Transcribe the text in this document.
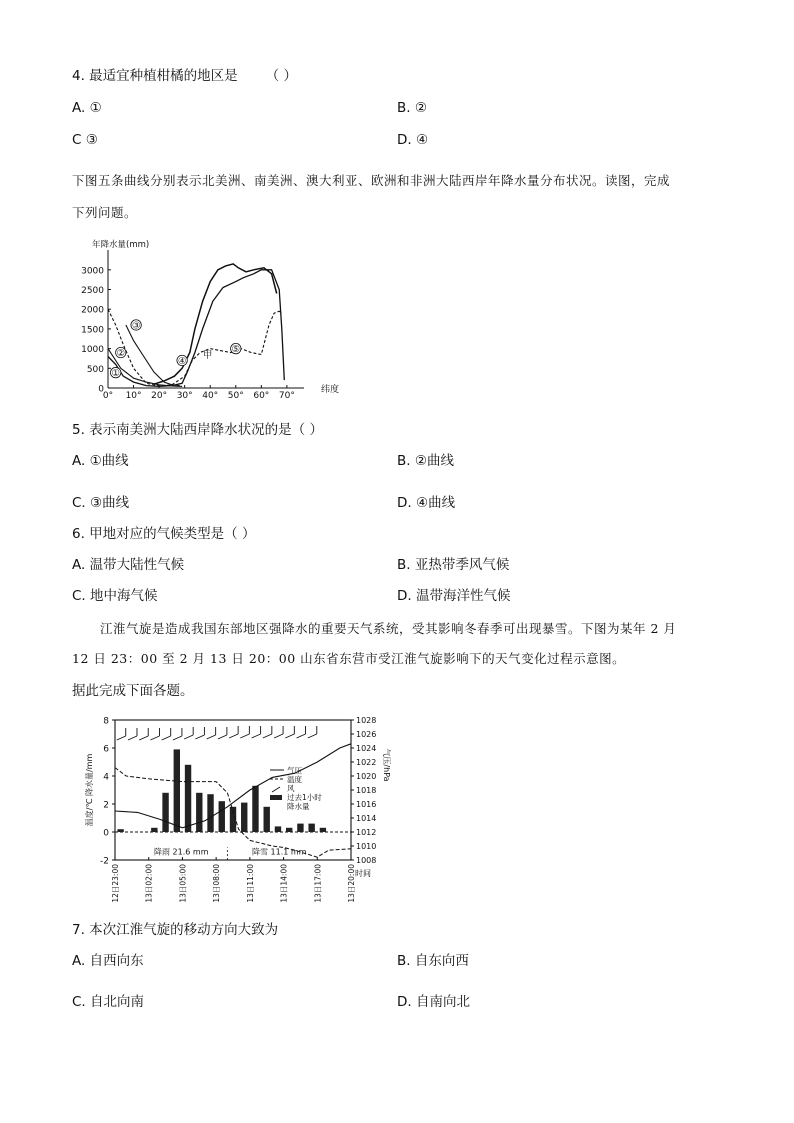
4. 最适宜种植柑橘的地区是 （ ）
A. ①	B. ②
C ③	D. ④
下图五条曲线分别表示北美洲、南美洲、澳大利亚、欧洲和非洲大陆西岸年降水量分布状况。读图，完成
下列问题。
年降水量(mm)
纬度
3000
2500
2000
1500
1000
500
0
0° 10° 20° 30° 40° 50° 60° 70°
①
②
③
④
⑤
甲
5. 表示南美洲大陆西岸降水状况的是（ ）
A. ①曲线	B. ②曲线
C. ③曲线	D. ④曲线
6. 甲地对应的气候类型是（ ）
A. 温带大陆性气候	B. 亚热带季风气候
C. 地中海气候	D. 温带海洋性气候
江淮气旋是造成我国东部地区强降水的重要天气系统，受其影响冬春季可出现暴雪。下图为某年 2 月
12 日 23：00 至 2 月 13 日 20：00 山东省东营市受江淮气旋影响下的天气变化过程示意图。
据此完成下面各题。
8
6
4
2
0
-2
1028
1026
1024
1022
1020
1018
1016
1014
1012
1010
1008
温度/℃ 降水量/mm	气压/hPa
12日23:00	13日02:00	13日05:00	13日08:00	13日11:00	13日14:00	13日17:00	13日20:00 时间
降雨 21.6 mm	降雪 11.1 mm
气压
温度
风
过去1小时
降水量
7. 本次江淮气旋的移动方向大致为
A. 自西向东	B. 自东向西
C. 自北向南	D. 自南向北
